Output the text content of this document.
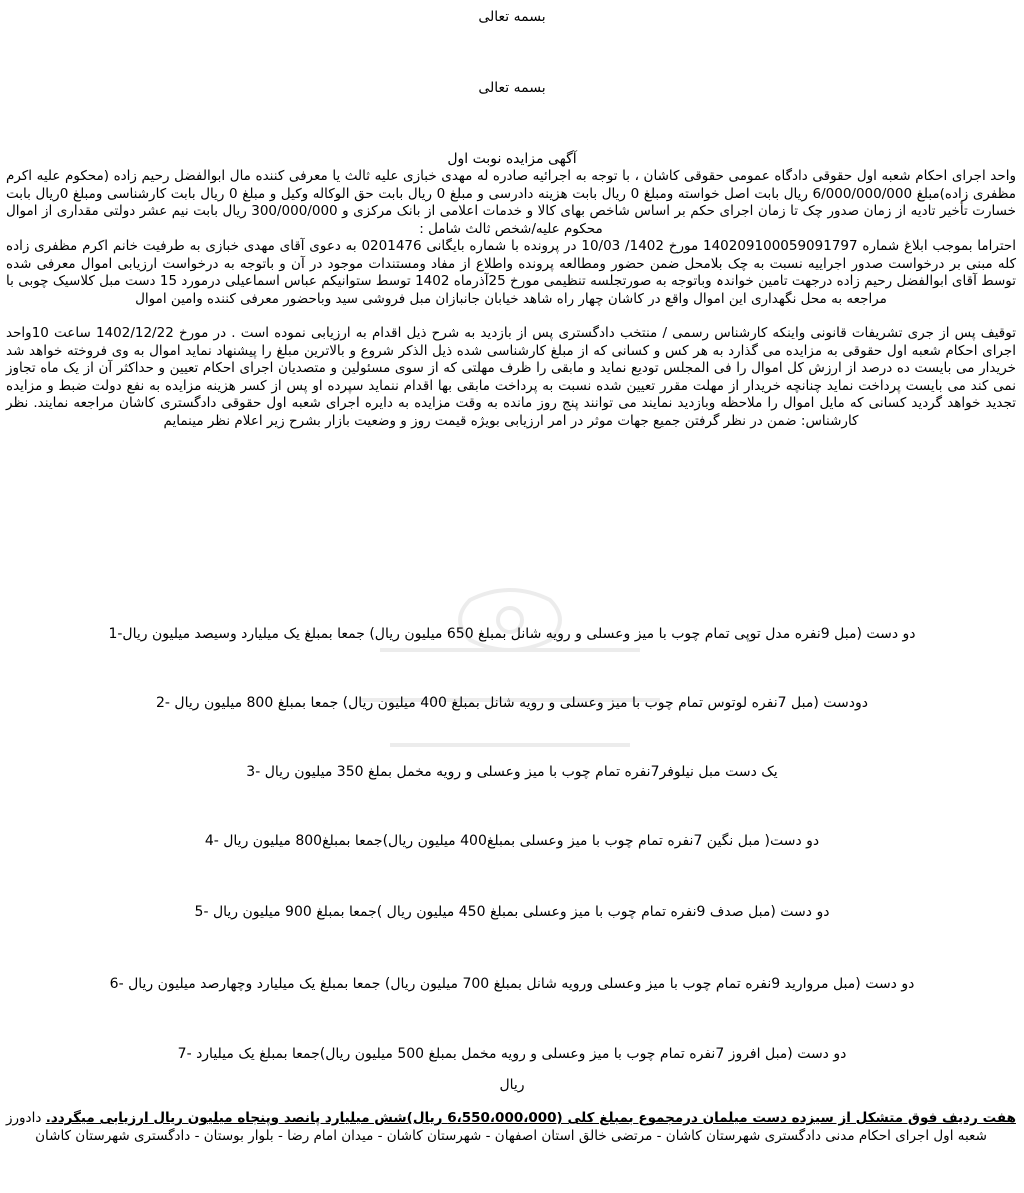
بسمه تعالی
بسمه تعالی
آگهی مزایده نوبت اول
واحد اجرای احکام شعبه اول حقوقی دادگاه عمومی حقوقی کاشان ، با توجه به اجرائیه صادره له مهدی خبازی علیه ثالث یا معرفی کننده مال ابوالفضل رحیم زاده (محکوم علیه اکرم مظفری زاده)مبلغ 6/000/000/000 ریال بابت اصل خواسته ومبلغ 0 ریال بابت هزینه دادرسی و مبلغ 0 ریال بابت حق الوکاله وکیل و مبلغ 0 ریال بابت کارشناسی ومبلغ 0ریال بابت خسارت تأخیر تادیه از زمان صدور چک تا زمان اجرای حکم بر اساس شاخص بهای کالا و خدمات اعلامی از بانک مرکزی و 300/000/000 ریال بابت نیم عشر دولتی مقداری از اموال محکوم علیه/شخص ثالث شامل :
احتراما بموجب ابلاغ شماره 140209100059091797 مورخ 1402/ 10/03 در پرونده با شماره بایگانی 0201476 به دعوی آقای مهدی خبازی به طرفیت خانم اکرم مظفری زاده کله مبنی بر درخواست صدور اجراییه نسبت به چک بلامحل ضمن حضور ومطالعه پرونده واطلاع از مفاد ومستندات موجود در آن و باتوجه به درخواست ارزیابی اموال معرفی شده توسط آقای ابوالفضل رحیم زاده درجهت تامین خواندہ وباتوجه به صورتجلسه تنظیمی مورخ 25آذرماه 1402 توسط ستوانیکم عباس اسماعیلی درمورد 15 دست مبل کلاسیک چوبی با مراجعه به محل نگهداری این اموال واقع در کاشان چهار راه شاهد خیابان جانبازان مبل فروشی سید وباحضور معرفی کننده وامین اموال
توقیف پس از جری تشریفات قانونی واینکه کارشناس رسمی / منتخب دادگستری پس از بازدید به شرح ذیل اقدام به ارزیابی نموده است . در مورخ 1402/12/22 ساعت 10واحد اجرای احکام شعبه اول حقوقی به مزایده می گذارد به هر کس و کسانی که از مبلغ کارشناسی شده ذیل الذکر شروع و بالاترین مبلغ را پیشنهاد نماید اموال به وی فروخته خواهد شد خریدار می بایست ده درصد از ارزش کل اموال را فی المجلس تودیع نماید و مابقی را ظرف مهلتی که از سوی مسئولین و متصدیان اجرای احکام تعیین و حداکثر آن از یک ماه تجاوز نمی کند می بایست پرداخت نماید چنانچه خریدار از مهلت مقرر تعیین شده نسبت به پرداخت مابقی بها اقدام ننماید سپرده او پس از کسر هزینه مزایده به نفع دولت ضبط و مزایده تجدید خواهد گردید کسانی که مایل اموال را ملاحظه وبازدید نمایند می توانند پنج روز مانده به وقت مزایده به دایره اجرای شعبه اول حقوقی دادگستری کاشان مراجعه نمایند. نظر کارشناس: ضمن در نظر گرفتن جمیع جهات موثر در امر ارزیابی بویژه قیمت روز و وضعیت بازار بشرح زیر اعلام نظر مینمایم
دو دست (مبل 9نفره مدل توپی تمام چوب با میز وعسلی و رویه شانل بمبلغ 650 میلیون ریال) جمعا بمبلغ یک میلیارد وسیصد میلیون ریال-1
دودست (مبل 7نفره لوتوس تمام چوب با میز وعسلی و رویه شانل بمبلغ 400 میلیون ریال) جمعا بمبلغ 800 میلیون ریال -2
یک دست مبل نیلوفر7نفره تمام چوب با میز وعسلی و رویه مخمل بملغ 350 میلیون ریال -3
دو دست( مبل نگین 7نفره تمام چوب با میز وعسلی بمبلغ400 میلیون ریال)جمعا بمبلغ800 میلیون ریال -4
دو دست (مبل صدف 9نفره تمام چوب با میز وعسلی بمبلغ 450 میلیون ریال )جمعا بمبلغ 900 میلیون ریال -5
دو دست (مبل مروارید 9نفره تمام چوب با میز وعسلی ورویه شانل بمبلغ 700 میلیون ریال) جمعا بمبلغ یک میلیارد وچهارصد میلیون ریال -6
دو دست (مبل افروز 7نفره تمام چوب با میز وعسلی و رویه مخمل بمبلغ 500 میلیون ریال)جمعا بمبلغ یک میلیارد -7
ریال
هفت ردیف فوق متشکل از سیزده دست میلمان درمجموع بمبلغ کلی (6،550،000،000 ریال)شش میلیارد پانصد وپنجاه میلیون ریال ارزیابی میگردد. دادورز شعبه اول اجرای احکام مدنی دادگستری شهرستان کاشان - مرتضی خالق استان اصفهان - شهرستان کاشان - میدان امام رضا - بلوار بوستان - دادگستری شهرستان کاشان
